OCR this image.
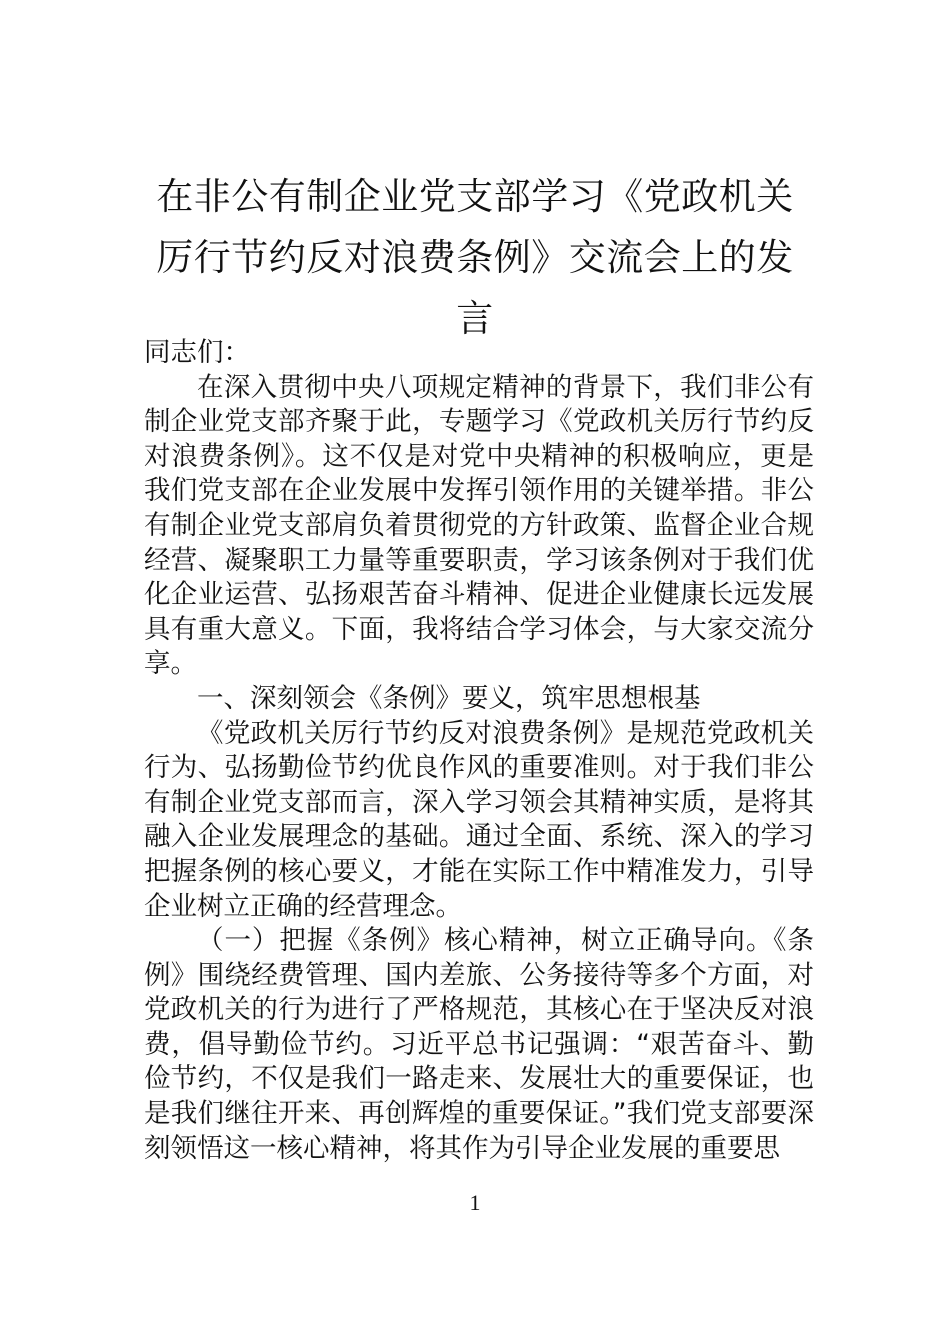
在非公有制企业党支部学习《党政机关厉行节约反对浪费条例》交流会上的发言

同志们：

在深入贯彻中央八项规定精神的背景下，我们非公有制企业党支部齐聚于此，专题学习《党政机关厉行节约反对浪费条例》。这不仅是对党中央精神的积极响应，更是我们党支部在企业发展中发挥引领作用的关键举措。非公有制企业党支部肩负着贯彻党的方针政策、监督企业合规经营、凝聚职工力量等重要职责，学习该条例对于我们优化企业运营、弘扬艰苦奋斗精神、促进企业健康长远发展具有重大意义。下面，我将结合学习体会，与大家交流分享。

一、深刻领会《条例》要义，筑牢思想根基

《党政机关厉行节约反对浪费条例》是规范党政机关行为、弘扬勤俭节约优良作风的重要准则。对于我们非公有制企业党支部而言，深入学习领会其精神实质，是将其融入企业发展理念的基础。通过全面、系统、深入的学习把握条例的核心要义，才能在实际工作中精准发力，引导企业树立正确的经营理念。

（一）把握《条例》核心精神，树立正确导向。《条例》围绕经费管理、国内差旅、公务接待等多个方面，对党政机关的行为进行了严格规范，其核心在于坚决反对浪费，倡导勤俭节约。习近平总书记强调：“艰苦奋斗、勤俭节约，不仅是我们一路走来、发展壮大的重要保证，也是我们继往开来、再创辉煌的重要保证。”我们党支部要深刻领悟这一核心精神，将其作为引导企业发展的重要思

1
